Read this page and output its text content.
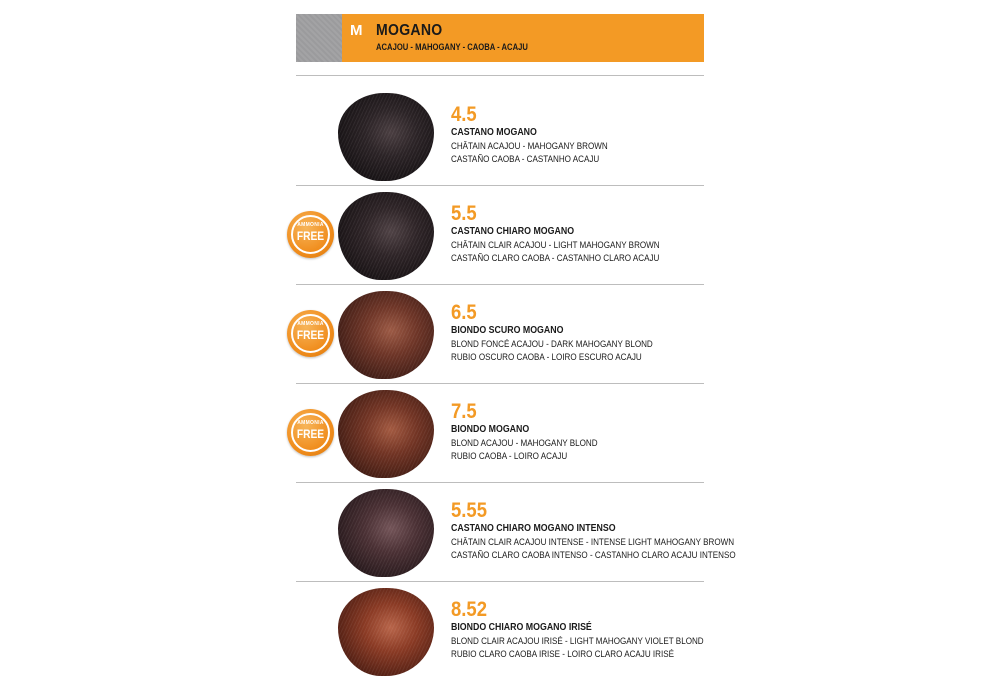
M MOGANO
ACAJOU - MAHOGANY - CAOBA - ACAJU
4.5
CASTANO MOGANO
CHÂTAIN ACAJOU - MAHOGANY BROWN
CASTAÑO CAOBA - CASTANHO ACAJU
AMMONIA
FREE
5.5
CASTANO CHIARO MOGANO
CHÂTAIN CLAIR ACAJOU - LIGHT MAHOGANY BROWN
CASTAÑO CLARO CAOBA - CASTANHO CLARO ACAJU
AMMONIA
FREE
6.5
BIONDO SCURO MOGANO
BLOND FONCÉ ACAJOU - DARK MAHOGANY BLOND
RUBIO OSCURO CAOBA - LOIRO ESCURO ACAJU
AMMONIA
FREE
7.5
BIONDO MOGANO
BLOND ACAJOU - MAHOGANY BLOND
RUBIO CAOBA - LOIRO ACAJU
5.55
CASTANO CHIARO MOGANO INTENSO
CHÂTAIN CLAIR ACAJOU INTENSE - INTENSE LIGHT MAHOGANY BROWN
CASTAÑO CLARO CAOBA INTENSO - CASTANHO CLARO ACAJU INTENSO
8.52
BIONDO CHIARO MOGANO IRISÉ
BLOND CLAIR ACAJOU IRISÉ - LIGHT MAHOGANY VIOLET BLOND
RUBIO CLARO CAOBA IRISE - LOIRO CLARO ACAJU IRISÉ
